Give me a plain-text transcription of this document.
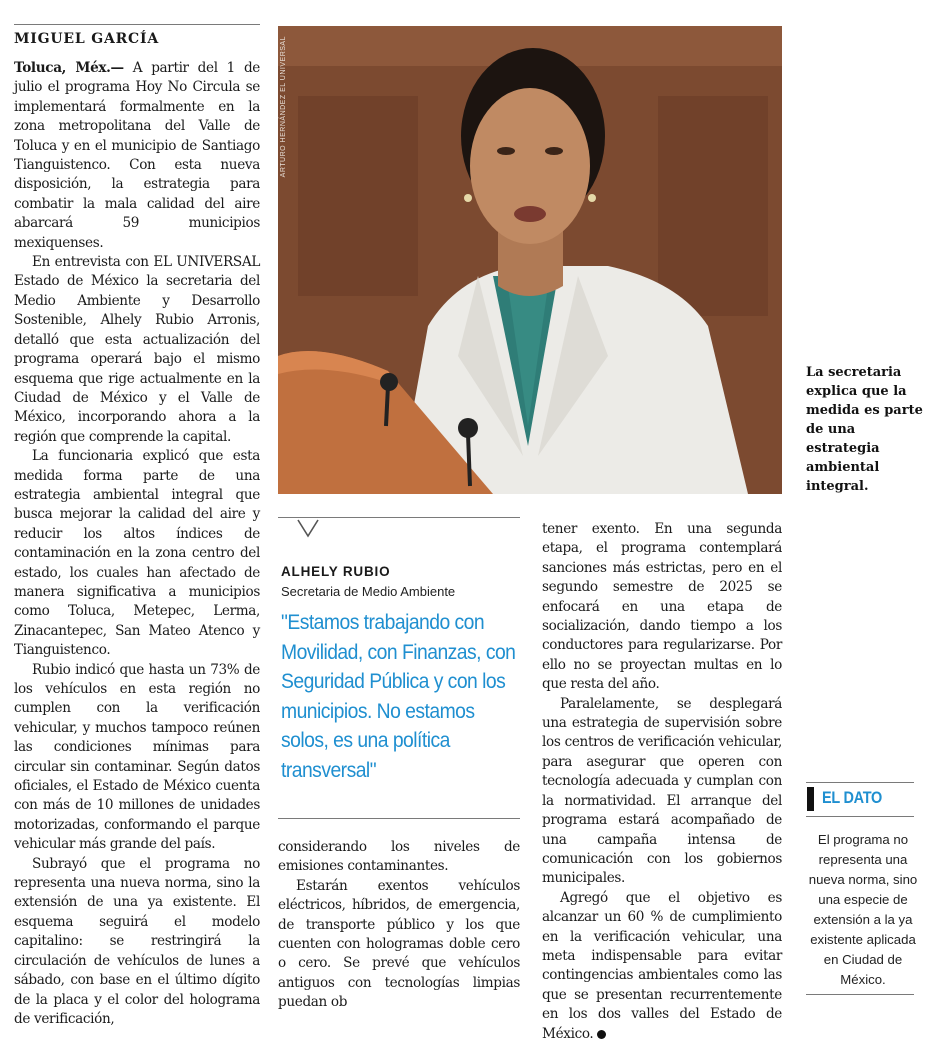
MIGUEL GARCÍA

Toluca, Méx.— A partir del 1 de julio el programa Hoy No Circula se implementará formalmente en la zona metropolitana del Valle de Toluca y en el municipio de Santiago Tianguistenco. Con esta nueva disposición, la estrategia para combatir la mala calidad del aire abarcará 59 municipios mexiquenses.

En entrevista con EL UNIVERSAL Estado de México la secretaria del Medio Ambiente y Desarrollo Sostenible, Alhely Rubio Arronis, detalló que esta actualización del programa operará bajo el mismo esquema que rige actualmente en la Ciudad de México y el Valle de México, incorporando ahora a la región que comprende la capital.

La funcionaria explicó que esta medida forma parte de una estrategia ambiental integral que busca mejorar la calidad del aire y reducir los altos índices de contaminación en la zona centro del estado, los cuales han afectado de manera significativa a municipios como Toluca, Metepec, Lerma, Zinacantepec, San Mateo Atenco y Tianguistenco.

Rubio indicó que hasta un 73% de los vehículos en esta región no cumplen con la verificación vehicular, y muchos tampoco reúnen las condiciones mínimas para circular sin contaminar. Según datos oficiales, el Estado de México cuenta con más de 10 millones de unidades motorizadas, conformando el parque vehicular más grande del país.

Subrayó que el programa no representa una nueva norma, sino la extensión de una ya existente. El esquema seguirá el modelo capitalino: se restringirá la circulación de vehículos de lunes a sábado, con base en el último dígito de la placa y el color del holograma de verificación,

ARTURO HERNÁNDEZ EL UNIVERSAL
La secretaria explica que la medida es parte de una estrategia ambiental integral.
ALHELY RUBIO
Secretaria de Medio Ambiente
"Estamos trabajando con Movilidad, con Finanzas, con Seguridad Pública y con los municipios. No estamos solos, es una política transversal"

considerando los niveles de emisiones contaminantes.

Estarán exentos vehículos eléctricos, híbridos, de emergencia, de transporte público y los que cuenten con hologramas doble cero o cero. Se prevé que vehículos antiguos con tecnologías limpias puedan ob

tener exento. En una segunda etapa, el programa contemplará sanciones más estrictas, pero en el segundo semestre de 2025 se enfocará en una etapa de socialización, dando tiempo a los conductores para regularizarse. Por ello no se proyectan multas en lo que resta del año.

Paralelamente, se desplegará una estrategia de supervisión sobre los centros de verificación vehicular, para asegurar que operen con tecnología adecuada y cumplan con la normatividad. El arranque del programa estará acompañado de una campaña intensa de comunicación con los gobiernos municipales.

Agregó que el objetivo es alcanzar un 60 % de cumplimiento en la verificación vehicular, una meta indispensable para evitar contingencias ambientales como las que se presentan recurrentemente en los dos valles del Estado de México.

EL DATO
El programa no representa una nueva norma, sino una especie de extensión a la ya existente aplicada en Ciudad de México.
